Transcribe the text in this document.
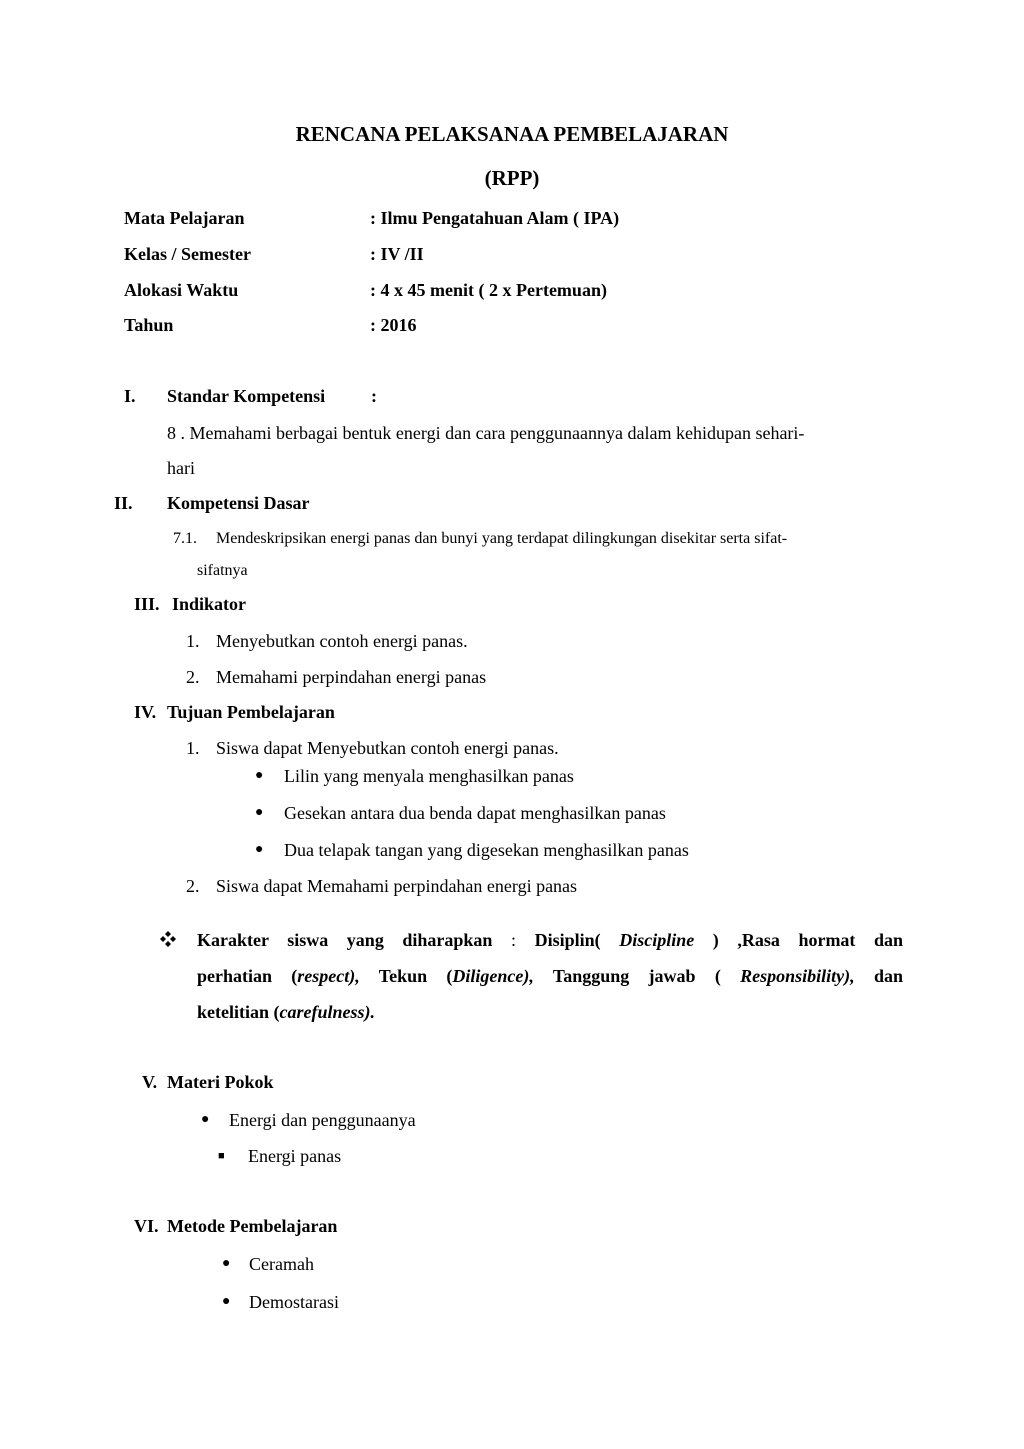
RENCANA PELAKSANAA PEMBELAJARAN
(RPP)
Mata Pelajaran	: Ilmu Pengatahuan Alam ( IPA)
Kelas / Semester	: IV /II
Alokasi Waktu	: 4 x 45 menit ( 2 x Pertemuan)
Tahun	: 2016
I. Standar Kompetensi	:
8 . Memahami berbagai bentuk energi dan cara penggunaannya dalam kehidupan sehari-
hari
II. Kompetensi Dasar
7.1. Mendeskripsikan energi panas dan bunyi yang terdapat dilingkungan disekitar serta sifat-
sifatnya
III. Indikator
1. Menyebutkan contoh energi panas.
2. Memahami perpindahan energi panas
IV. Tujuan Pembelajaran
1. Siswa dapat Menyebutkan contoh energi panas.
● Lilin yang menyala menghasilkan panas
● Gesekan antara dua benda dapat menghasilkan panas
● Dua telapak tangan yang digesekan menghasilkan panas
2. Siswa dapat Memahami perpindahan energi panas
Karakter siswa yang diharapkan : Disiplin( Discipline ) ,Rasa hormat dan
perhatian (respect), Tekun (Diligence), Tanggung jawab ( Responsibility), dan
ketelitian (carefulness).
V. Materi Pokok
● Energi dan penggunaanya
■ Energi panas
VI. Metode Pembelajaran
● Ceramah
● Demostarasi
